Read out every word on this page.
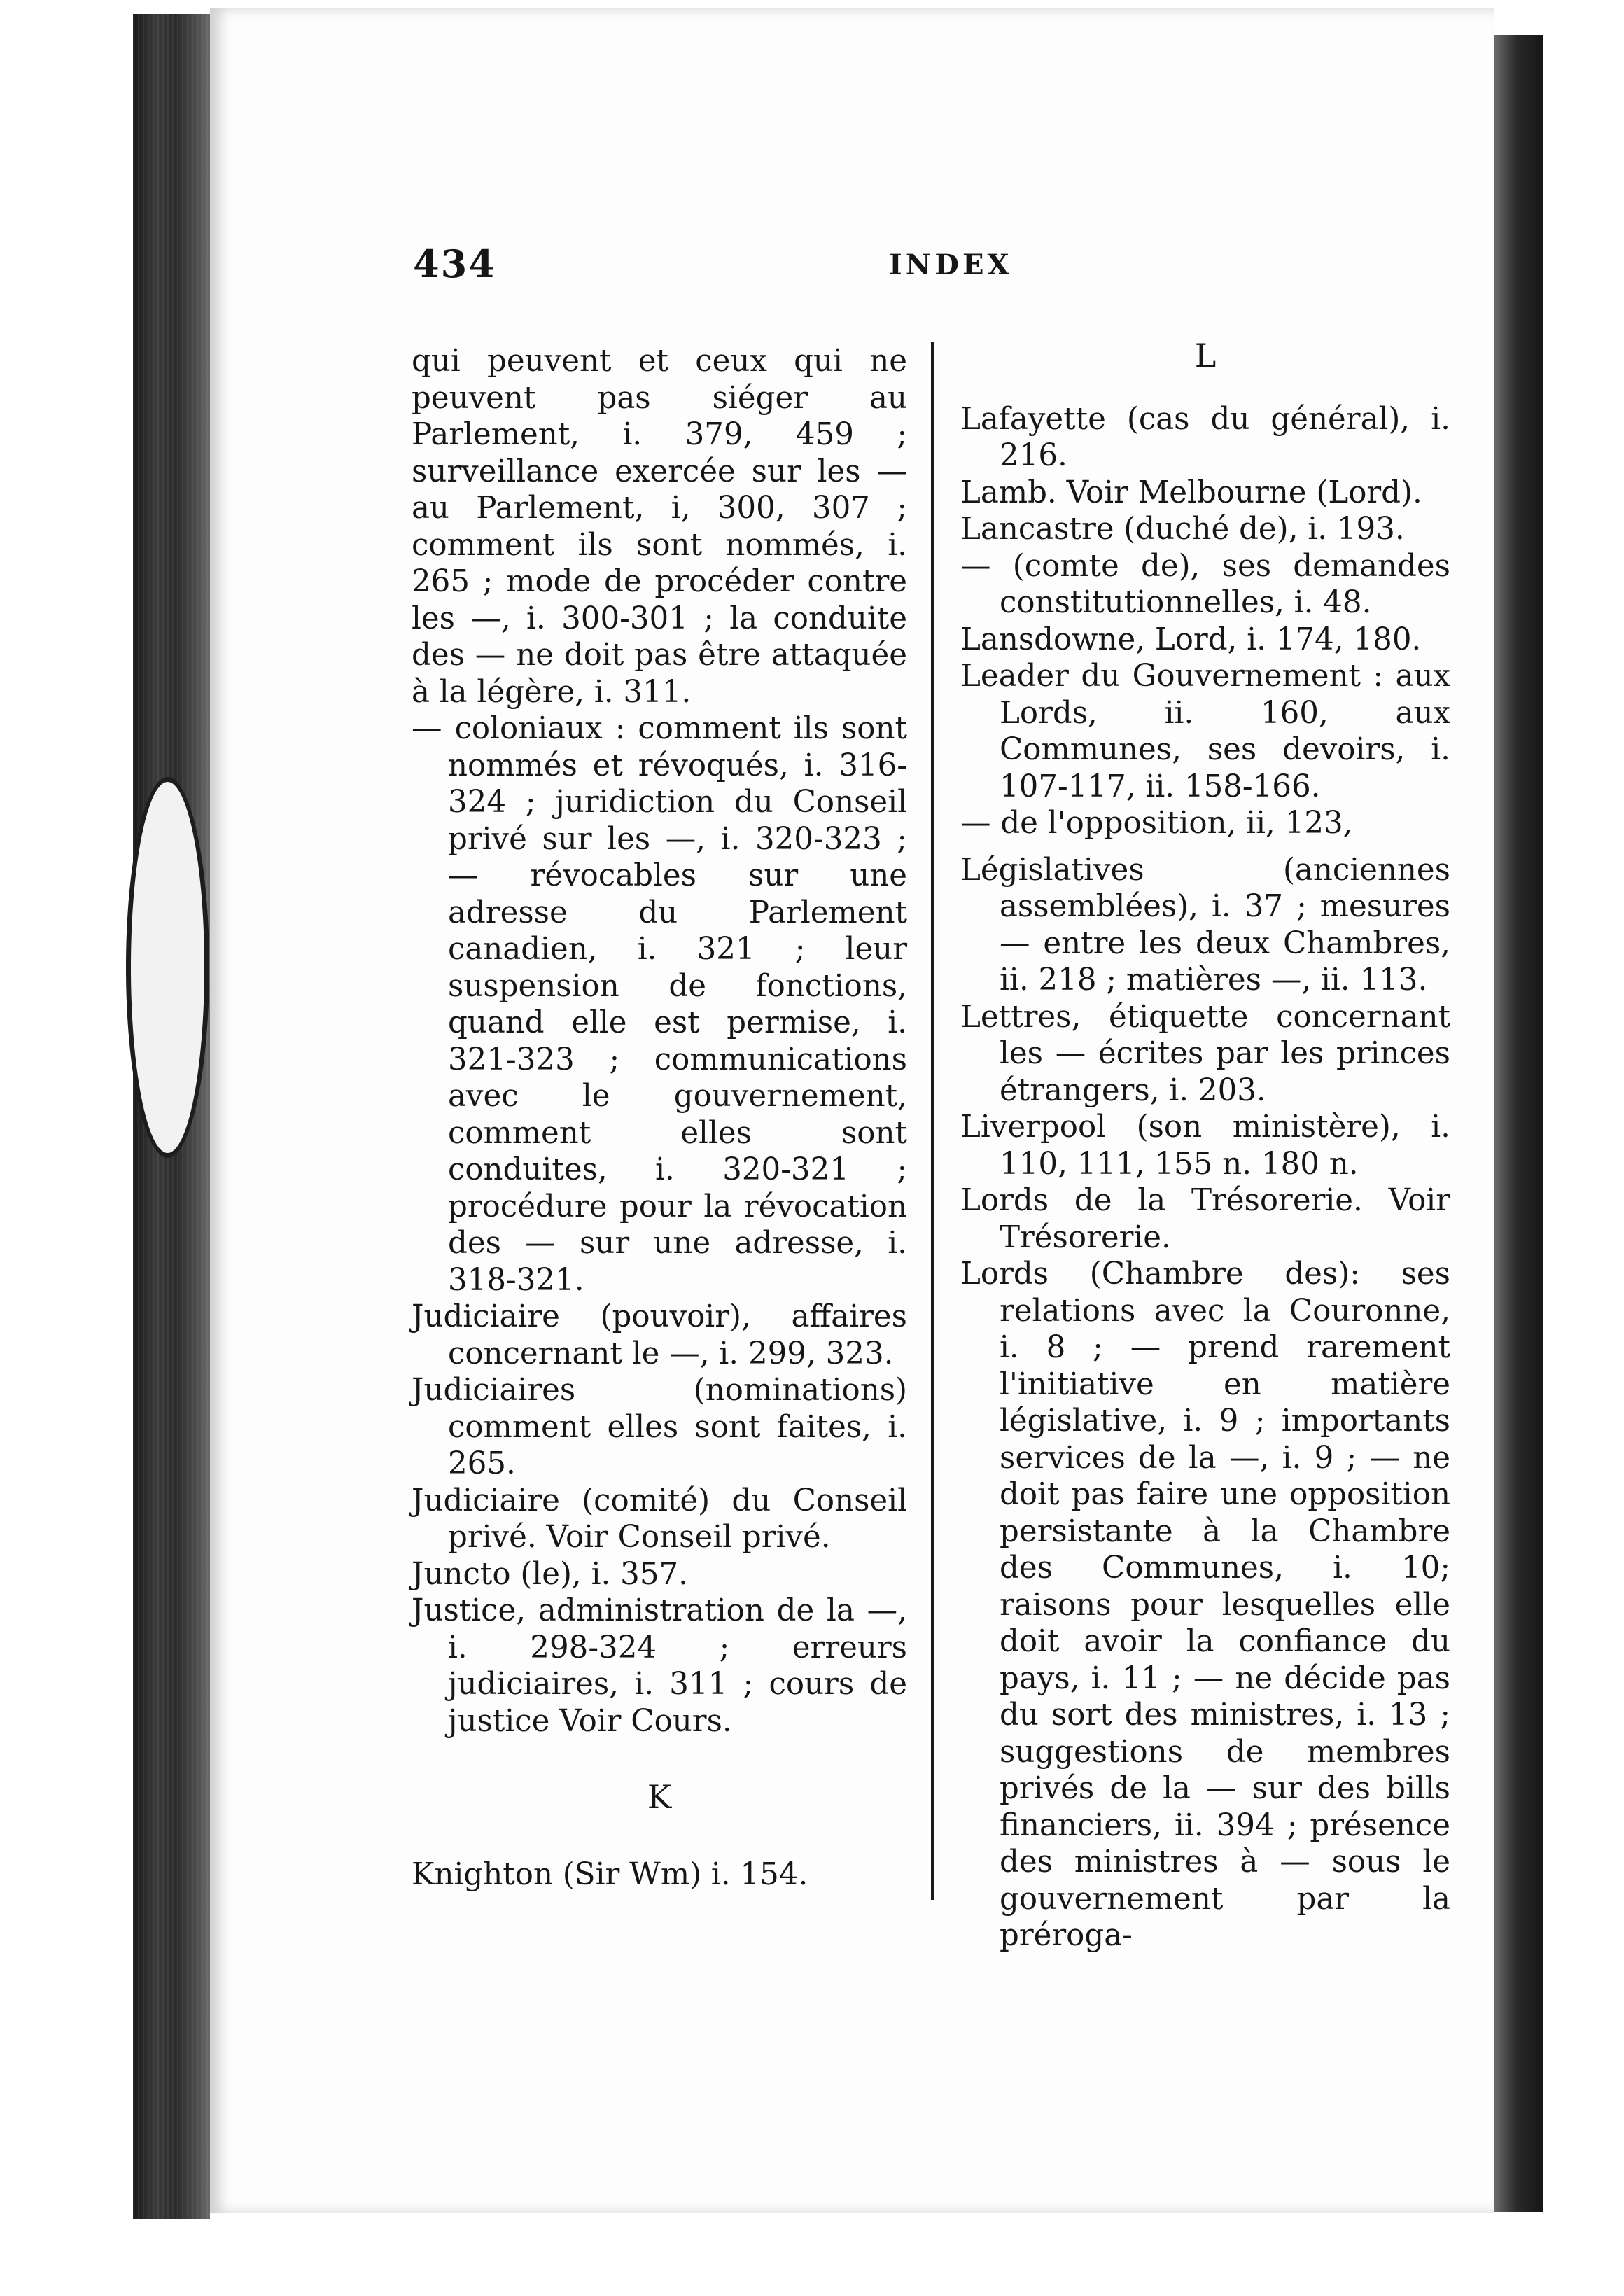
434	INDEX

qui peuvent et ceux qui ne peuvent pas siéger au Parlement, i. 379, 459 ; surveillance exercée sur les — au Parlement, i, 300, 307 ; comment ils sont nommés, i. 265 ; mode de procéder contre les —, i. 300-301 ; la conduite des — ne doit pas être attaquée à la légère, i. 311.

— coloniaux : comment ils sont nommés et révoqués, i. 316-324 ; juridiction du Conseil privé sur les —, i. 320-323 ; — révocables sur une adresse du Parlement canadien, i. 321 ; leur suspension de fonctions, quand elle est permise, i. 321-323 ; communications avec le gouvernement, comment elles sont conduites, i. 320-321 ; procédure pour la révocation des — sur une adresse, i. 318-321.

Judiciaire (pouvoir), affaires concernant le —, i. 299, 323.

Judiciaires (nominations) comment elles sont faites, i. 265.

Judiciaire (comité) du Conseil privé. Voir Conseil privé.

Juncto (le), i. 357.

Justice, administration de la —, i. 298-324 ; erreurs judiciaires, i. 311 ; cours de justice Voir Cours.

K

Knighton (Sir Wm) i. 154.

L

Lafayette (cas du général), i. 216.

Lamb. Voir Melbourne (Lord).

Lancastre (duché de), i. 193.

— (comte de), ses demandes constitutionnelles, i. 48.

Lansdowne, Lord, i. 174, 180.

Leader du Gouvernement : aux Lords, ii. 160, aux Communes, ses devoirs, i. 107-117, ii. 158-166.

— de l'opposition, ii, 123,

Législatives (anciennes assemblées), i. 37 ; mesures — entre les deux Chambres, ii. 218 ; matières —, ii. 113.

Lettres, étiquette concernant les — écrites par les princes étrangers, i. 203.

Liverpool (son ministère), i. 110, 111, 155 n. 180 n.

Lords de la Trésorerie. Voir Trésorerie.

Lords (Chambre des): ses relations avec la Couronne, i. 8 ; — prend rarement l'initiative en matière législative, i. 9 ; importants services de la —, i. 9 ; — ne doit pas faire une opposition persistante à la Chambre des Communes, i. 10; raisons pour lesquelles elle doit avoir la confiance du pays, i. 11 ; — ne décide pas du sort des ministres, i. 13 ; suggestions de membres privés de la — sur des bills financiers, ii. 394 ; présence des ministres à — sous le gouvernement par la préroga-
